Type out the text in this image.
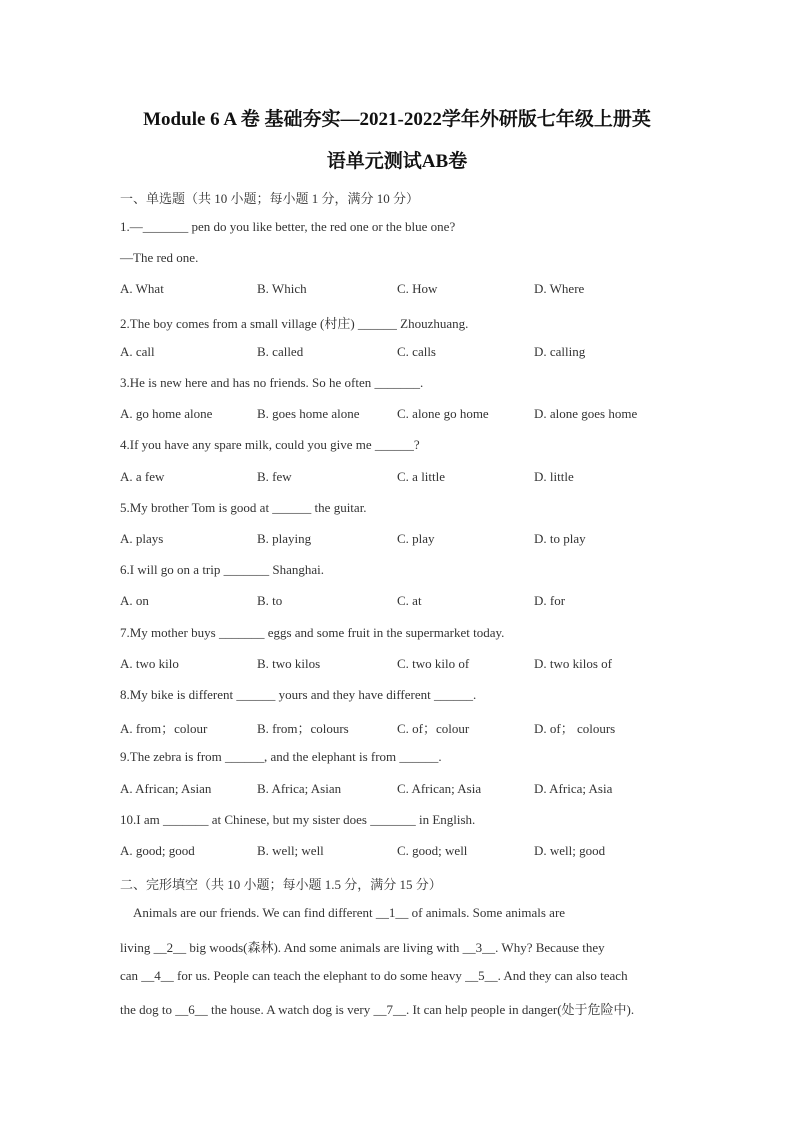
Module 6 A 卷 基础夯实—2021-2022学年外研版七年级上册英
语单元测试AB卷
一、单选题（共 10 小题；每小题 1 分，满分 10 分）
1.—_______ pen do you like better, the red one or the blue one?
—The red one.
A. What	B. Which	C. How	D. Where
2.The boy comes from a small village (村庄) ______ Zhouzhuang.
A. call	B. called	C. calls	D. calling
3.He is new here and has no friends. So he often _______.
A. go home alone	B. goes home alone	C. alone go home	D. alone goes home
4.If you have any spare milk, could you give me ______?
A. a few	B. few	C. a little	D. little
5.My brother Tom is good at ______ the guitar.
A. plays	B. playing	C. play	D. to play
6.I will go on a trip _______ Shanghai.
A. on	B. to	C. at	D. for
7.My mother buys _______ eggs and some fruit in the supermarket today.
A. two kilo	B. two kilos	C. two kilo of	D. two kilos of
8.My bike is different ______ yours and they have different ______.
A. from；colour	B. from；colours	C. of；colour	D. of； colours
9.The zebra is from ______, and the elephant is from ______.
A. African; Asian	B. Africa; Asian	C. African; Asia	D. Africa; Asia
10.I am _______ at Chinese, but my sister does _______ in English.
A. good; good	B. well; well	C. good; well	D. well; good
二、完形填空（共 10 小题；每小题 1.5 分，满分 15 分）
Animals are our friends. We can find different __1__ of animals. Some animals are
living __2__ big woods(森林). And some animals are living with __3__. Why? Because they
can __4__ for us. People can teach the elephant to do some heavy __5__. And they can also teach
the dog to __6__ the house. A watch dog is very __7__. It can help people in danger(处于危险中).
